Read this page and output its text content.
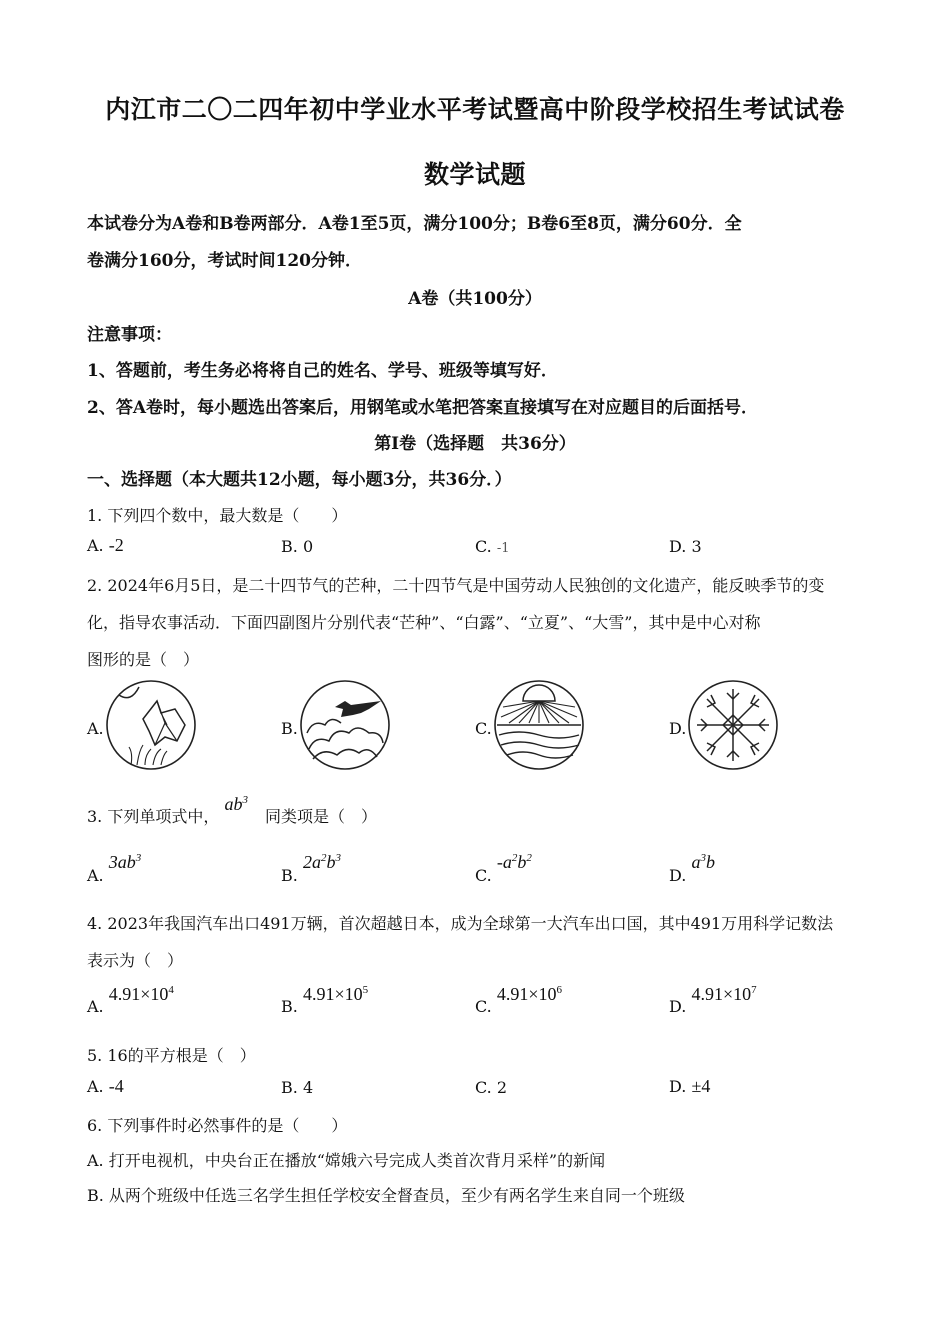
内江市二〇二四年初中学业水平考试暨高中阶段学校招生考试试卷
数学试题
本试卷分为A卷和B卷两部分．A卷1至5页，满分100分；B卷6至8页，满分60分．全
卷满分160分，考试时间120分钟．
A卷（共100分）
注意事项：
1、答题前，考生务必将将自己的姓名、学号、班级等填写好．
2、答A卷时，每小题选出答案后，用钢笔或水笔把答案直接填写在对应题目的后面括号．
第Ⅰ卷（选择题　共36分）
一、选择题（本大题共12小题，每小题3分，共36分．）
1. 下列四个数中，最大数是（　　）
A. -2	B. 0	C. -1	D. 3
2. 2024年6月5日，是二十四节气的芒种，二十四节气是中国劳动人民独创的文化遗产，能反映季节的变
化，指导农事活动．下面四副图片分别代表“芒种”、“白露”、“立夏”、“大雪”，其中是中心对称
图形的是（　）
A.	B.	C.	D.
3. 下列单项式中， $ab^3$ 同类项是（　）
A. $3ab^3$
B. $2a^2b^3$
C. $-a^2b^2$
D. $a^3b$
4. 2023年我国汽车出口491万辆，首次超越日本，成为全球第一大汽车出口国，其中491万用科学记数法
表示为（　）
A. $4.91\times 10^4$
B. $4.91\times 10^5$
C. $4.91\times 10^6$
D. $4.91\times 10^7$
5. 16的平方根是（　）
A. -4	B. 4	C. 2	D. ±4
6. 下列事件时必然事件的是（　　）
A. 打开电视机，中央台正在播放“嫦娥六号完成人类首次背月采样”的新闻
B. 从两个班级中任选三名学生担任学校安全督查员，至少有两名学生来自同一个班级
